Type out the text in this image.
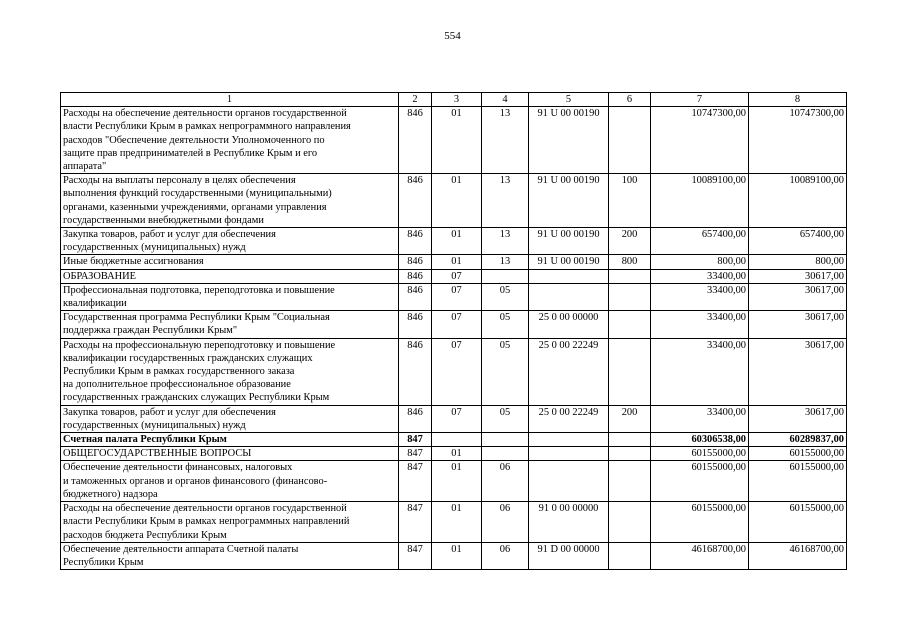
554
1	2	3	4	5	6	7	8
Расходы на обеспечение деятельности органов государственной
власти Республики Крым в рамках непрограммного направления
расходов "Обеспечение деятельности Уполномоченного по
защите прав предпринимателей в Республике Крым и его
аппарата"	846	01	13	91 U 00 00190		10747300,00	10747300,00
Расходы на выплаты персоналу в целях обеспечения
выполнения функций государственными (муниципальными)
органами, казенными учреждениями, органами управления
государственными внебюджетными фондами	846	01	13	91 U 00 00190	100	10089100,00	10089100,00
Закупка товаров, работ и услуг для обеспечения
государственных (муниципальных) нужд	846	01	13	91 U 00 00190	200	657400,00	657400,00
Иные бюджетные ассигнования	846	01	13	91 U 00 00190	800	800,00	800,00
ОБРАЗОВАНИЕ	846	07				33400,00	30617,00
Профессиональная подготовка, переподготовка и повышение
квалификации	846	07	05			33400,00	30617,00
Государственная программа Республики Крым "Социальная
поддержка граждан Республики Крым"	846	07	05	25 0 00 00000		33400,00	30617,00
Расходы на профессиональную переподготовку и повышение
квалификации государственных гражданских служащих
Республики Крым в рамках государственного заказа
на дополнительное профессиональное образование
государственных гражданских служащих Республики Крым	846	07	05	25 0 00 22249		33400,00	30617,00
Закупка товаров, работ и услуг для обеспечения
государственных (муниципальных) нужд	846	07	05	25 0 00 22249	200	33400,00	30617,00
Счетная палата Республики Крым	847					60306538,00	60289837,00
ОБЩЕГОСУДАРСТВЕННЫЕ ВОПРОСЫ	847	01				60155000,00	60155000,00
Обеспечение деятельности финансовых, налоговых
и таможенных органов и органов финансового (финансово-
бюджетного) надзора	847	01	06			60155000,00	60155000,00
Расходы на обеспечение деятельности органов государственной
власти Республики Крым в рамках непрограммных направлений
расходов бюджета Республики Крым	847	01	06	91 0 00 00000		60155000,00	60155000,00
Обеспечение деятельности аппарата Счетной палаты
Республики Крым	847	01	06	91 D 00 00000		46168700,00	46168700,00
